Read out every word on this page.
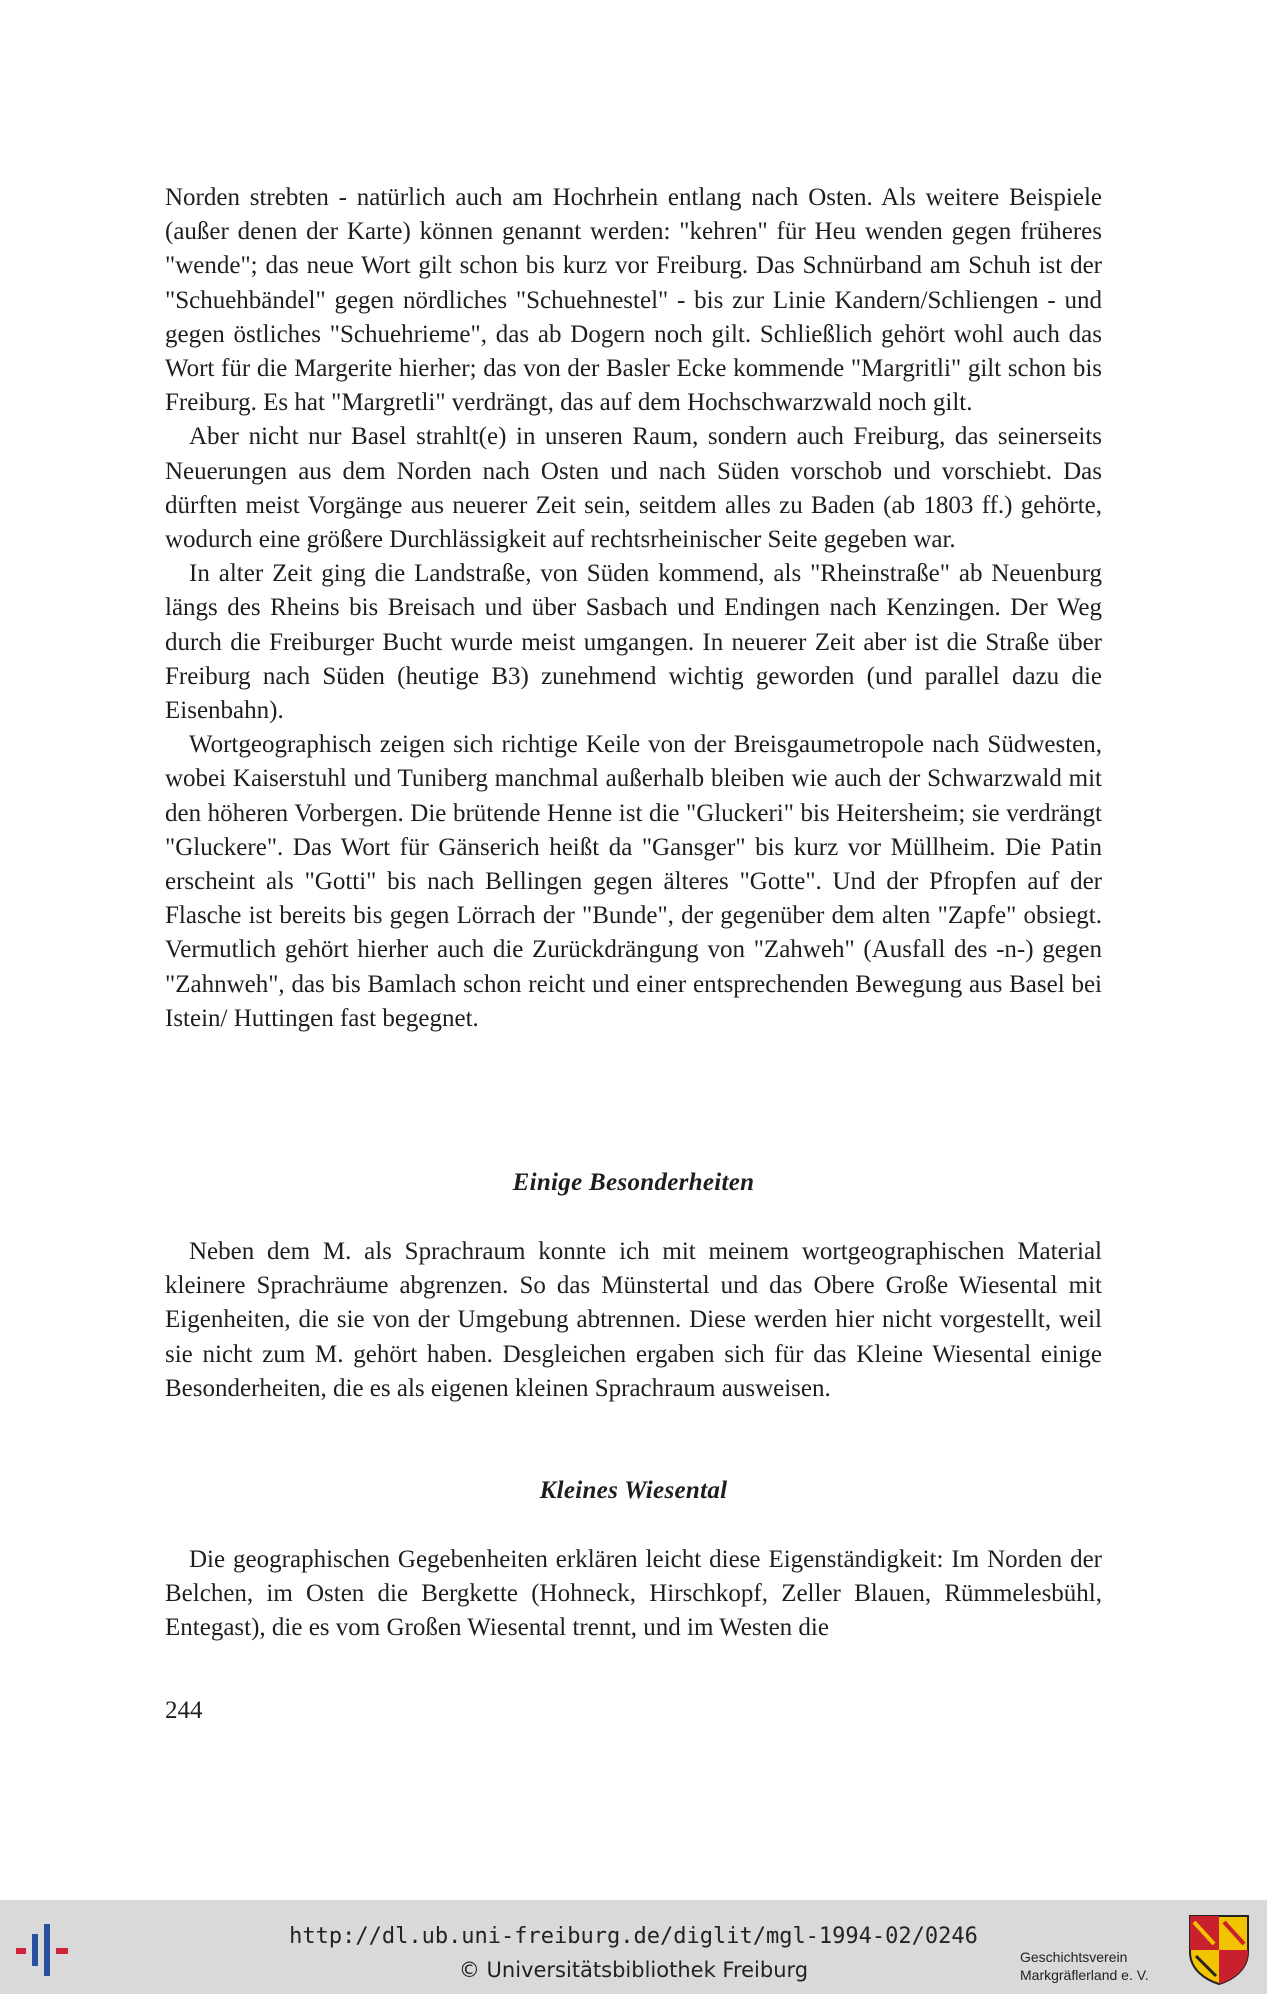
Norden strebten - natürlich auch am Hochrhein entlang nach Osten. Als weitere Beispiele (außer denen der Karte) können genannt werden: "kehren" für Heu wenden gegen früheres "wende"; das neue Wort gilt schon bis kurz vor Freiburg. Das Schnürband am Schuh ist der "Schuehbändel" gegen nördliches "Schuehnestel" - bis zur Linie Kandern/Schliengen - und gegen östliches "Schuehrieme", das ab Dogern noch gilt. Schließlich gehört wohl auch das Wort für die Margerite hierher; das von der Basler Ecke kommende "Margritli" gilt schon bis Freiburg. Es hat "Margretli" verdrängt, das auf dem Hochschwarzwald noch gilt.

Aber nicht nur Basel strahlt(e) in unseren Raum, sondern auch Freiburg, das seinerseits Neuerungen aus dem Norden nach Osten und nach Süden vorschob und vorschiebt. Das dürften meist Vorgänge aus neuerer Zeit sein, seitdem alles zu Baden (ab 1803 ff.) gehörte, wodurch eine größere Durchlässigkeit auf rechtsrheinischer Seite gegeben war.

In alter Zeit ging die Landstraße, von Süden kommend, als "Rheinstraße" ab Neuenburg längs des Rheins bis Breisach und über Sasbach und Endingen nach Kenzingen. Der Weg durch die Freiburger Bucht wurde meist umgangen. In neuerer Zeit aber ist die Straße über Freiburg nach Süden (heutige B3) zunehmend wichtig geworden (und parallel dazu die Eisenbahn).

Wortgeographisch zeigen sich richtige Keile von der Breisgaumetropole nach Südwesten, wobei Kaiserstuhl und Tuniberg manchmal außerhalb bleiben wie auch der Schwarzwald mit den höheren Vorbergen. Die brütende Henne ist die "Gluckeri" bis Heitersheim; sie verdrängt "Gluckere". Das Wort für Gänserich heißt da "Gansger" bis kurz vor Müllheim. Die Patin erscheint als "Gotti" bis nach Bellingen gegen älteres "Gotte". Und der Pfropfen auf der Flasche ist bereits bis gegen Lörrach der "Bunde", der gegenüber dem alten "Zapfe" obsiegt. Vermutlich gehört hierher auch die Zurückdrängung von "Zahweh" (Ausfall des -n-) gegen "Zahnweh", das bis Bamlach schon reicht und einer entsprechenden Bewegung aus Basel bei Istein/ Huttingen fast begegnet.

Einige Besonderheiten

Neben dem M. als Sprachraum konnte ich mit meinem wortgeographischen Material kleinere Sprachräume abgrenzen. So das Münstertal und das Obere Große Wiesental mit Eigenheiten, die sie von der Umgebung abtrennen. Diese werden hier nicht vorgestellt, weil sie nicht zum M. gehört haben. Desgleichen ergaben sich für das Kleine Wiesental einige Besonderheiten, die es als eigenen kleinen Sprachraum ausweisen.

Kleines Wiesental

Die geographischen Gegebenheiten erklären leicht diese Eigenständigkeit: Im Norden der Belchen, im Osten die Bergkette (Hohneck, Hirschkopf, Zeller Blauen, Rümmelesbühl, Entegast), die es vom Großen Wiesental trennt, und im Westen die

244
http://dl.ub.uni-freiburg.de/diglit/mgl-1994-02/0246
© Universitätsbibliothek Freiburg
Geschichtsverein
Markgräflerland e. V.
